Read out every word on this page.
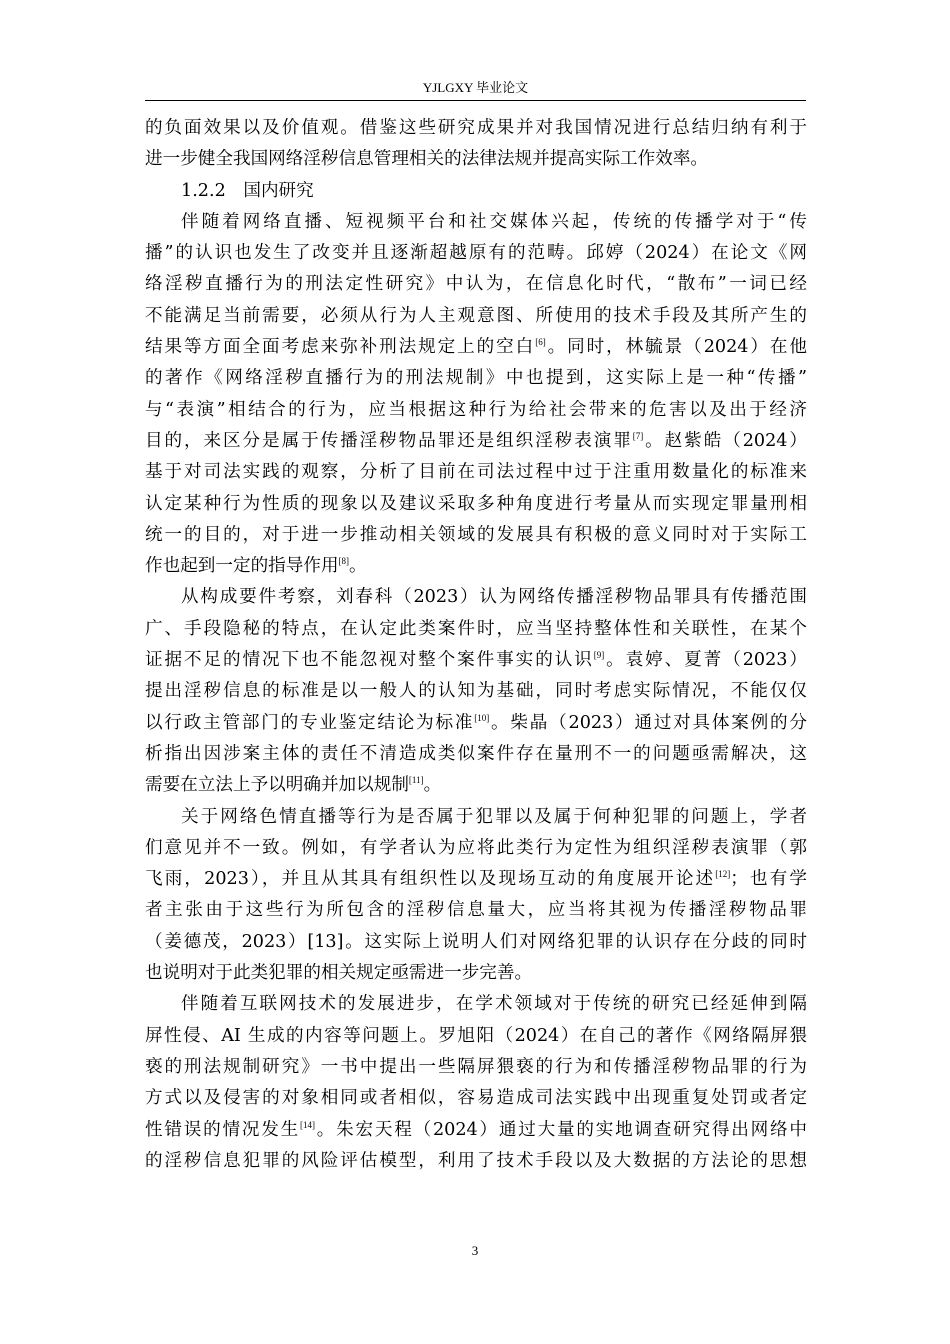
YJLGXY 毕业论文
的负面效果以及价值观。借鉴这些研究成果并对我国情况进行总结归纳有利于
进一步健全我国网络淫秽信息管理相关的法律法规并提高实际工作效率。
1.2.2　国内研究
伴随着网络直播、短视频平台和社交媒体兴起，传统的传播学对于“传
播”的认识也发生了改变并且逐渐超越原有的范畴。邱婷（2024）在论文《网
络淫秽直播行为的刑法定性研究》中认为，在信息化时代，“散布”一词已经
不能满足当前需要，必须从行为人主观意图、所使用的技术手段及其所产生的
结果等方面全面考虑来弥补刑法规定上的空白[6]。同时，林毓景（2024）在他
的著作《网络淫秽直播行为的刑法规制》中也提到，这实际上是一种“传播”
与“表演”相结合的行为，应当根据这种行为给社会带来的危害以及出于经济
目的，来区分是属于传播淫秽物品罪还是组织淫秽表演罪[7]。赵紫皓（2024）
基于对司法实践的观察，分析了目前在司法过程中过于注重用数量化的标准来
认定某种行为性质的现象以及建议采取多种角度进行考量从而实现定罪量刑相
统一的目的，对于进一步推动相关领域的发展具有积极的意义同时对于实际工
作也起到一定的指导作用[8]。
从构成要件考察，刘春科（2023）认为网络传播淫秽物品罪具有传播范围
广、手段隐秘的特点，在认定此类案件时，应当坚持整体性和关联性，在某个
证据不足的情况下也不能忽视对整个案件事实的认识[9]。袁婷、夏菁（2023）
提出淫秽信息的标准是以一般人的认知为基础，同时考虑实际情况，不能仅仅
以行政主管部门的专业鉴定结论为标准[10]。柴晶（2023）通过对具体案例的分
析指出因涉案主体的责任不清造成类似案件存在量刑不一的问题亟需解决，这
需要在立法上予以明确并加以规制[11]。
关于网络色情直播等行为是否属于犯罪以及属于何种犯罪的问题上，学者
们意见并不一致。例如，有学者认为应将此类行为定性为组织淫秽表演罪（郭
飞雨，2023），并且从其具有组织性以及现场互动的角度展开论述[12]；也有学
者主张由于这些行为所包含的淫秽信息量大，应当将其视为传播淫秽物品罪
（姜德茂，2023）[13]。这实际上说明人们对网络犯罪的认识存在分歧的同时
也说明对于此类犯罪的相关规定亟需进一步完善。
伴随着互联网技术的发展进步，在学术领域对于传统的研究已经延伸到隔
屏性侵、AI 生成的内容等问题上。罗旭阳（2024）在自己的著作《网络隔屏猥
亵的刑法规制研究》一书中提出一些隔屏猥亵的行为和传播淫秽物品罪的行为
方式以及侵害的对象相同或者相似，容易造成司法实践中出现重复处罚或者定
性错误的情况发生[14]。朱宏天程（2024）通过大量的实地调查研究得出网络中
的淫秽信息犯罪的风险评估模型，利用了技术手段以及大数据的方法论的思想
3
